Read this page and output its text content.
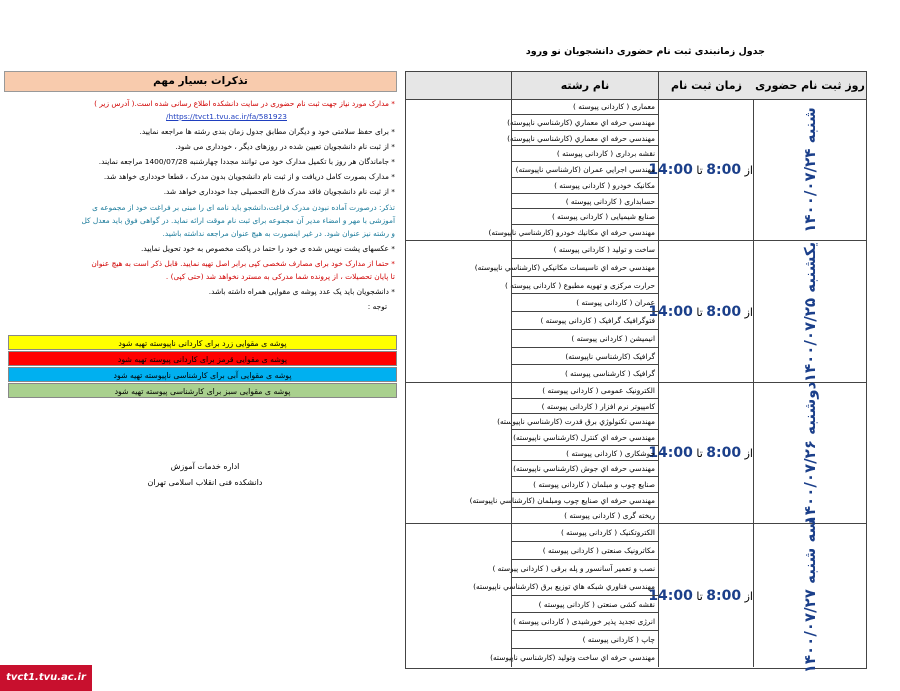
جدول زمانبندی ثبت نام حضوری دانشجویان نو ورود
روز ثبت نام حضوری
زمان ثبت نام
نام رشته
شنبه ۱۴۰۰/۰۷/۲۴
از 8:00 تا 14:00
معماری ( کاردانی پیوسته )
مهندسي حرفه اي معماري (كارشناسي ناپيوسته)
مهندسي حرفه اي معماري (كارشناسي ناپيوسته)
نقشه برداری ( کاردانی پیوسته )
مهندسي اجرايي عمران (كارشناسي ناپيوسته)
مکانیک خودرو ( کاردانی پیوسته )
حسابداری ( کاردانی پیوسته )
صنایع شیمیایی ( کاردانی پیوسته )
مهندسي حرفه اي مكانيك خودرو (كارشناسي ناپيوسته)
یکشنبه ۱۴۰۰/۰۷/۲۵
از 8:00 تا 14:00
ساخت و تولید ( کاردانی پیوسته )
مهندسي حرفه اي تاسيسات مكانيكي (كارشناسي ناپيوسته)
حرارت مرکزی و تهویه مطبوع ( کاردانی پیوسته )
عمران ( کاردانی پیوسته )
فتوگرافیک گرافیک ( کاردانی پیوسته )
انیمیشن ( کاردانی پیوسته )
گرافیک (كارشناسي ناپيوسته)
گرافیک ( کارشناسی پیوسته )
دوشنبه ۱۴۰۰/۰۷/۲۶
از 8:00 تا 14:00
الکترونیک عمومی ( کاردانی پیوسته )
کامپیوتر نرم افزار ( کاردانی پیوسته )
مهندسي تكنولوژي برق قدرت (كارشناسي ناپيوسته)
مهندسي حرفه اي كنترل (كارشناسي ناپيوسته)
جوشکاری ( کاردانی پیوسته )
مهندسي حرفه اي جوش (كارشناسي ناپيوسته)
صنایع چوب و مبلمان ( کاردانی پیوسته )
مهندسي حرفه اي صنايع چوب ومبلمان (كارشناسي ناپيوسته)
ریخته گری ( کاردانی پیوسته )
سه شنبه ۱۴۰۰/۰۷/۲۷
از 8:00 تا 14:00
الکتروتکنیک ( کاردانی پیوسته )
مکاترونیک صنعتی ( کاردانی پیوسته )
نصب و تعمیر آسانسور و پله برقی ( کاردانی پیوسته )
مهندسي فناوري شبكه هاي توزيع برق (كارشناسي ناپيوسته)
نقشه کشی صنعتی ( کاردانی پیوسته )
انرژی تجدید پذیر خورشیدی ( کاردانی پیوسته )
چاپ ( کاردانی پیوسته )
مهندسي حرفه اي ساخت وتوليد (كارشناسي ناپيوسته)
تذکرات بسیار مهم
* مدارک مورد نیاز جهت ثبت نام حضوری در سایت دانشکده اطلاع رسانی شده است.( آدرس زیر )
https://tvct1.tvu.ac.ir/fa/581923/
* برای حفظ سلامتی خود و دیگران مطابق جدول زمان بندی رشته ها مراجعه نمایید.
* از ثبت نام دانشجویان تعیین شده در روزهای دیگر ، خودداری می شود.
* جاماندگان هر روز با تکمیل مدارک خود می توانند مجددا چهارشنبه 1400/07/28 مراجعه نمایند.
* مدارک بصورت کامل دریافت و از ثبت نام دانشجویان بدون مدرک ، قطعا خودداری خواهد شد.
* از ثبت نام دانشجویان فاقد مدرک فارغ التحصیلی جدا خودداری خواهد شد.
تذکر: درصورت آماده نبودن مدرک فراغت،دانشجو باید نامه ای را مبنی بر فراغت خود از مجموعه ی
آموزشی با مهر و امضاء مدیر آن مجموعه برای ثبت نام موقت ارائه نماید. در گواهی فوق باید معدل کل
و رشته نیز عنوان شود. در غیر اینصورت به هیچ عنوان مراجعه نداشته باشید.
* عکسهای پشت نویس شده ی خود را حتما در پاکت مخصوص به خود تحویل نمایید.
* حتما از مدارک خود برای مصارف شخصی کپی برابر اصل تهیه نمایید. قابل ذکر است به هیچ عنوان
تا پایان تحصیلات ، از پرونده شما مدرکی به مسترد نخواهد شد (حتی کپی) .
* دانشجویان باید یک عدد پوشه ی مقوایی همراه داشته باشد.
توجه :
پوشه ی مقوایی زرد برای کاردانی ناپیوسته تهیه شود
پوشه ی مقوایی قرمز برای کاردانی پیوسته تهیه شود
پوشه ی مقوایی آبی برای کارشناسی ناپیوسته تهیه شود
پوشه ی مقوایی سبز برای کارشناسی پیوسته تهیه شود
اداره خدمات آموزش
دانشکده فنی انقلاب اسلامی تهران
tvct1.tvu.ac.ir
